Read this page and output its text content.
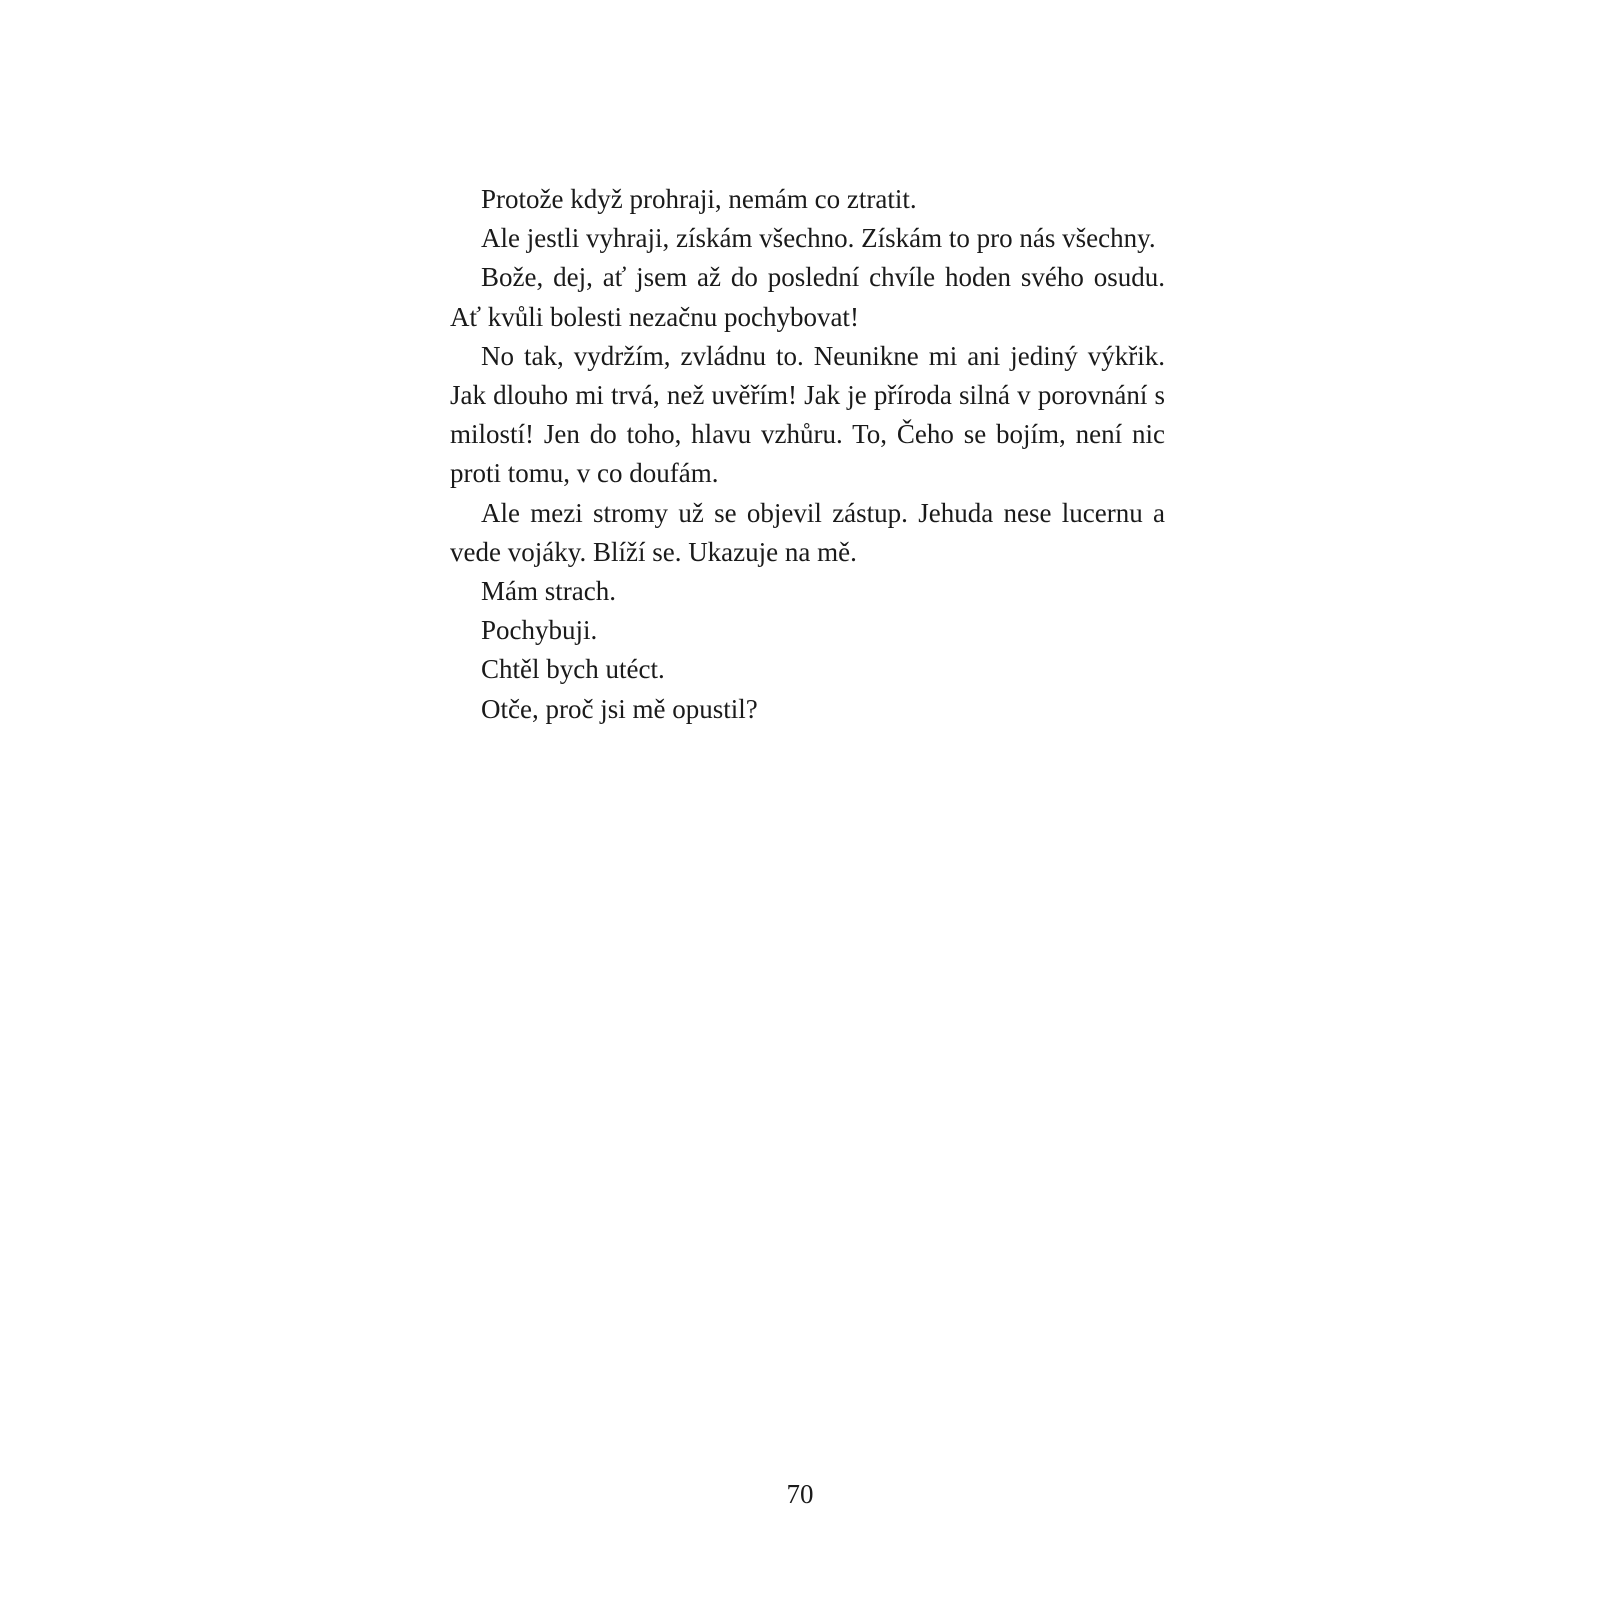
Protože když prohraji, nemám co ztratit.

Ale jestli vyhraji, získám všechno. Získám to pro nás všechny.

Bože, dej, ať jsem až do poslední chvíle hoden svého osudu. Ať kvůli bolesti nezačnu pochybovat!

No tak, vydržím, zvládnu to. Neunikne mi ani jediný výkřik. Jak dlouho mi trvá, než uvěřím! Jak je příroda silná v porovnání s milostí! Jen do toho, hlavu vzhůru. To, Čeho se bojím, není nic proti tomu, v co doufám.

Ale mezi stromy už se objevil zástup. Jehuda nese lucernu a vede vojáky. Blíží se. Ukazuje na mě.

Mám strach.

Pochybuji.

Chtěl bych utéct.

Otče, proč jsi mě opustil?

70
